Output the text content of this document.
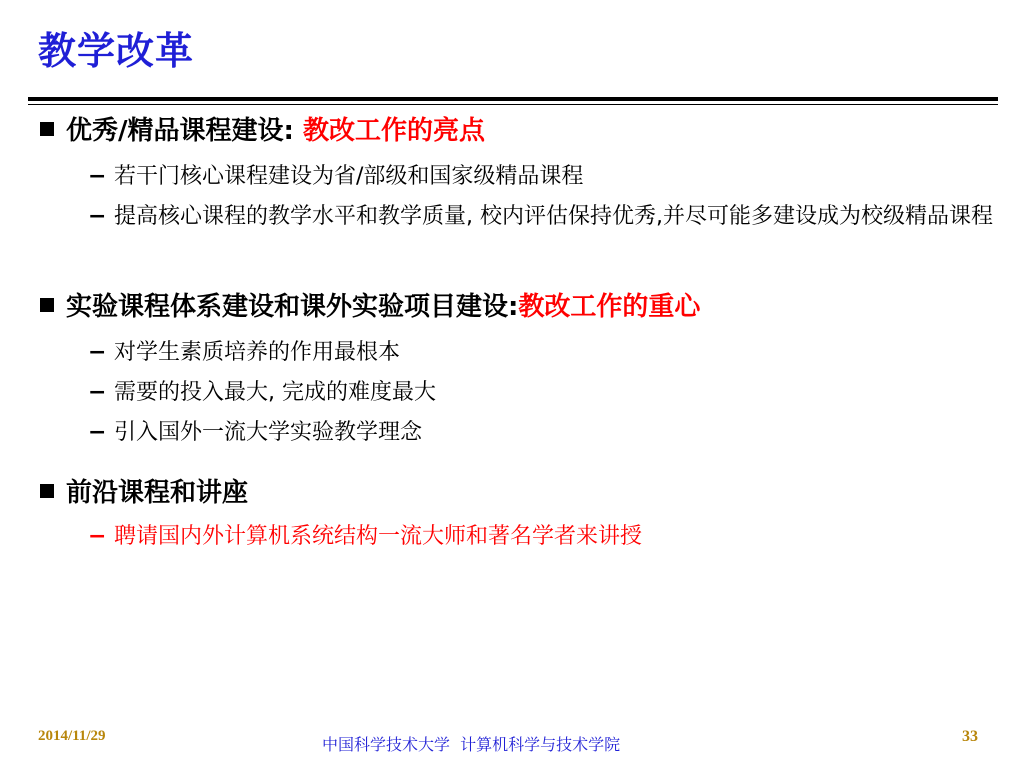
教学改革
优秀/精品课程建设: 教改工作的亮点
− 若干门核心课程建设为省/部级和国家级精品课程
− 提高核心课程的教学水平和教学质量, 校内评估保持优秀,并尽可能多建设成为校级精品课程
实验课程体系建设和课外实验项目建设:教改工作的重心
− 对学生素质培养的作用最根本
− 需要的投入最大, 完成的难度最大
− 引入国外一流大学实验教学理念
前沿课程和讲座
− 聘请国内外计算机系统结构一流大师和著名学者来讲授
2014/11/29	中国科学技术大学  计算机科学与技术学院	33
